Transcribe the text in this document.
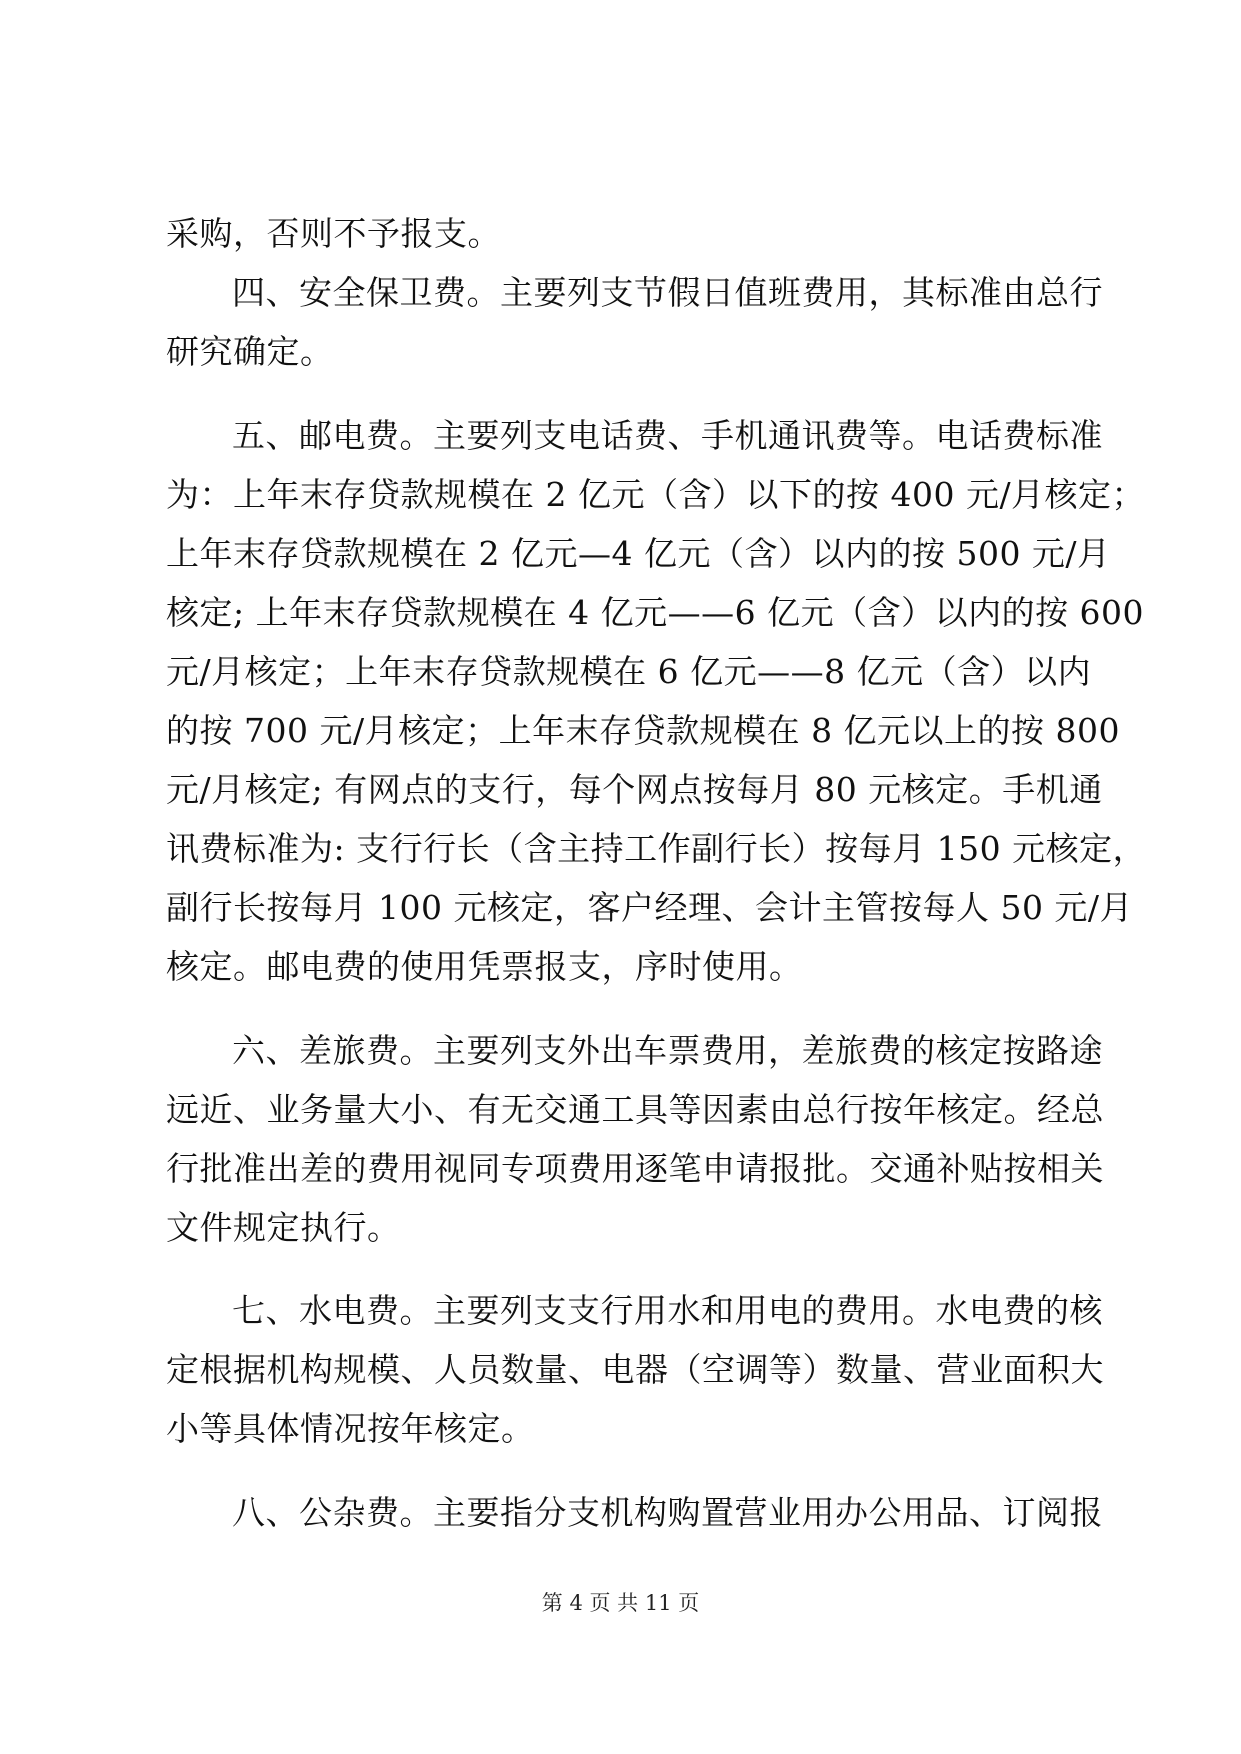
采购，否则不予报支。
四、安全保卫费。主要列支节假日值班费用，其标准由总行
研究确定。
五、邮电费。主要列支电话费、手机通讯费等。电话费标准
为：上年末存贷款规模在 2 亿元（含）以下的按 400 元/月核定；
上年末存贷款规模在 2 亿元—4 亿元（含）以内的按 500 元/月
核定; 上年末存贷款规模在 4 亿元——6 亿元（含）以内的按 600
元/月核定；上年末存贷款规模在 6 亿元——8 亿元（含）以内
的按 700 元/月核定；上年末存贷款规模在 8 亿元以上的按 800
元/月核定; 有网点的支行，每个网点按每月 80 元核定。手机通
讯费标准为: 支行行长（含主持工作副行长）按每月 150 元核定，
副行长按每月 100 元核定，客户经理、会计主管按每人 50 元/月
核定。邮电费的使用凭票报支，序时使用。
六、差旅费。主要列支外出车票费用，差旅费的核定按路途
远近、业务量大小、有无交通工具等因素由总行按年核定。经总
行批准出差的费用视同专项费用逐笔申请报批。交通补贴按相关
文件规定执行。
七、水电费。主要列支支行用水和用电的费用。水电费的核
定根据机构规模、人员数量、电器（空调等）数量、营业面积大
小等具体情况按年核定。
八、公杂费。主要指分支机构购置营业用办公用品、订阅报
第 4 页 共 11 页
